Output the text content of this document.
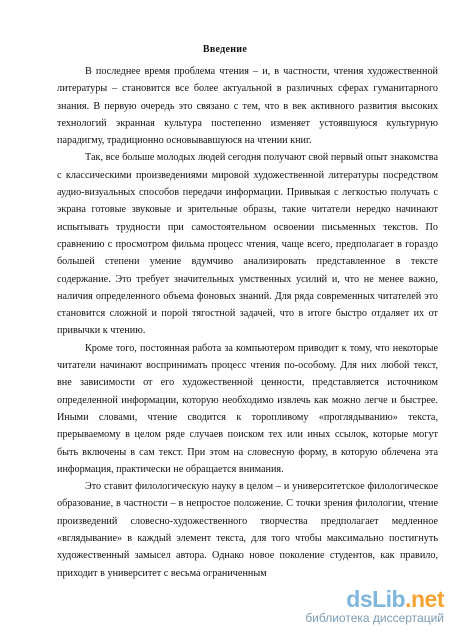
Введение

В последнее время проблема чтения – и, в частности, чтения художественной литературы – становится все более актуальной в различных сферах гуманитарного знания. В первую очередь это связано с тем, что в век активного развития высоких технологий экранная культура постепенно изменяет устоявшуюся культурную парадигму, традиционно основывавшуюся на чтении книг.

Так, все больше молодых людей сегодня получают свой первый опыт знакомства с классическими произведениями мировой художественной литературы посредством аудио-визуальных способов передачи информации. Привыкая с легкостью получать с экрана готовые звуковые и зрительные образы, такие читатели нередко начинают испытывать трудности при самостоятельном освоении письменных текстов. По сравнению с просмотром фильма процесс чтения, чаще всего, предполагает в гораздо большей степени умение вдумчиво анализировать представленное в тексте содержание. Это требует значительных умственных усилий и, что не менее важно, наличия определенного объема фоновых знаний. Для ряда современных читателей это становится сложной и порой тягостной задачей, что в итоге быстро отдаляет их от привычки к чтению.

Кроме того, постоянная работа за компьютером приводит к тому, что некоторые читатели начинают воспринимать процесс чтения по-особому. Для них любой текст, вне зависимости от его художественной ценности, представляется источником определенной информации, которую необходимо извлечь как можно легче и быстрее. Иными словами, чтение сводится к торопливому «проглядыванию» текста, прерываемому в целом ряде случаев поиском тех или иных ссылок, которые могут быть включены в сам текст. При этом на словесную форму, в которую облечена эта информация, практически не обращается внимания.

Это ставит филологическую науку в целом – и университетское филологическое образование, в частности – в непростое положение. С точки зрения филологии, чтение произведений словесно-художественного творчества предполагает медленное «вглядывание» в каждый элемент текста, для того чтобы максимально постигнуть художественный замысел автора. Однако новое поколение студентов, как правило, приходит в университет с весьма ограниченным

dsLib.net
библиотека диссертаций
